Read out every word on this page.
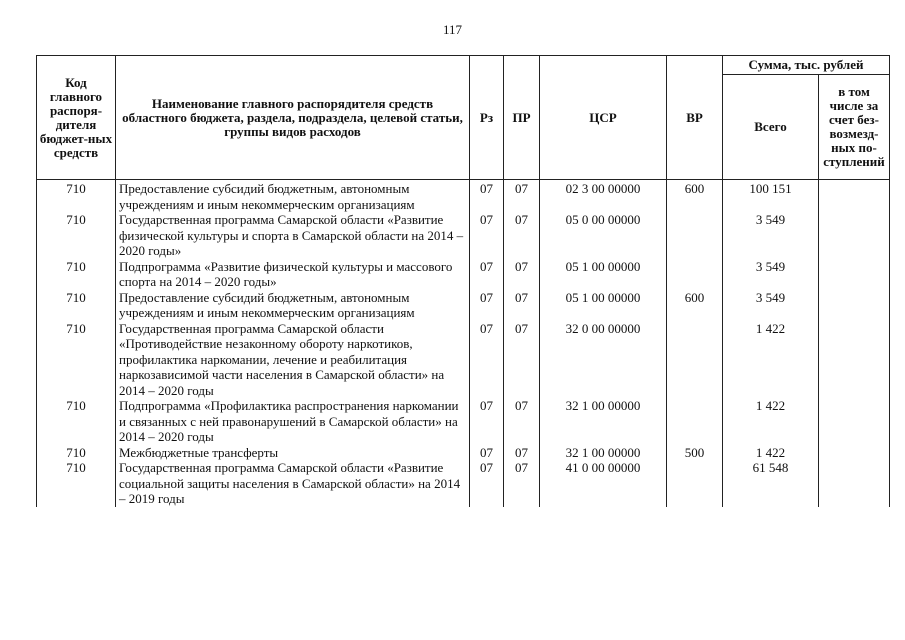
117
Код главного распоря-дителя бюджет-ных средств	Наименование главного распорядителя средств областного бюджета, раздела, подраздела, целевой статьи, группы видов расходов	Рз	ПР	ЦСР	ВР	Сумма, тыс. рублей	
						Всего	в том числе за счет без-возмезд-ных по-ступлений
710	Предоставление субсидий бюджетным, автономным учреждениям и иным некоммерческим организациям	07	07	02 3 00 00000	600	100 151	
710	Государственная программа Самарской области «Развитие физической культуры и спорта в Самарской области на 2014 – 2020 годы»	07	07	05 0 00 00000		3 549	
710	Подпрограмма «Развитие физической культуры и массового спорта на 2014 – 2020 годы»	07	07	05 1 00 00000		3 549	
710	Предоставление субсидий бюджетным, автономным учреждениям и иным некоммерческим организациям	07	07	05 1 00 00000	600	3 549	
710	Государственная программа Самарской области «Противодействие незаконному обороту наркотиков, профилактика наркомании, лечение и реабилитация наркозависимой части населения в Самарской области» на 2014 – 2020 годы	07	07	32 0 00 00000		1 422	
710	Подпрограмма «Профилактика распространения наркомании и связанных с ней правонарушений в Самарской области» на 2014 – 2020 годы	07	07	32 1 00 00000		1 422	
710	Межбюджетные трансферты	07	07	32 1 00 00000	500	1 422	
710	Государственная программа Самарской области «Развитие социальной защиты населения в Самарской области» на 2014 – 2019 годы	07	07	41 0 00 00000		61 548	
